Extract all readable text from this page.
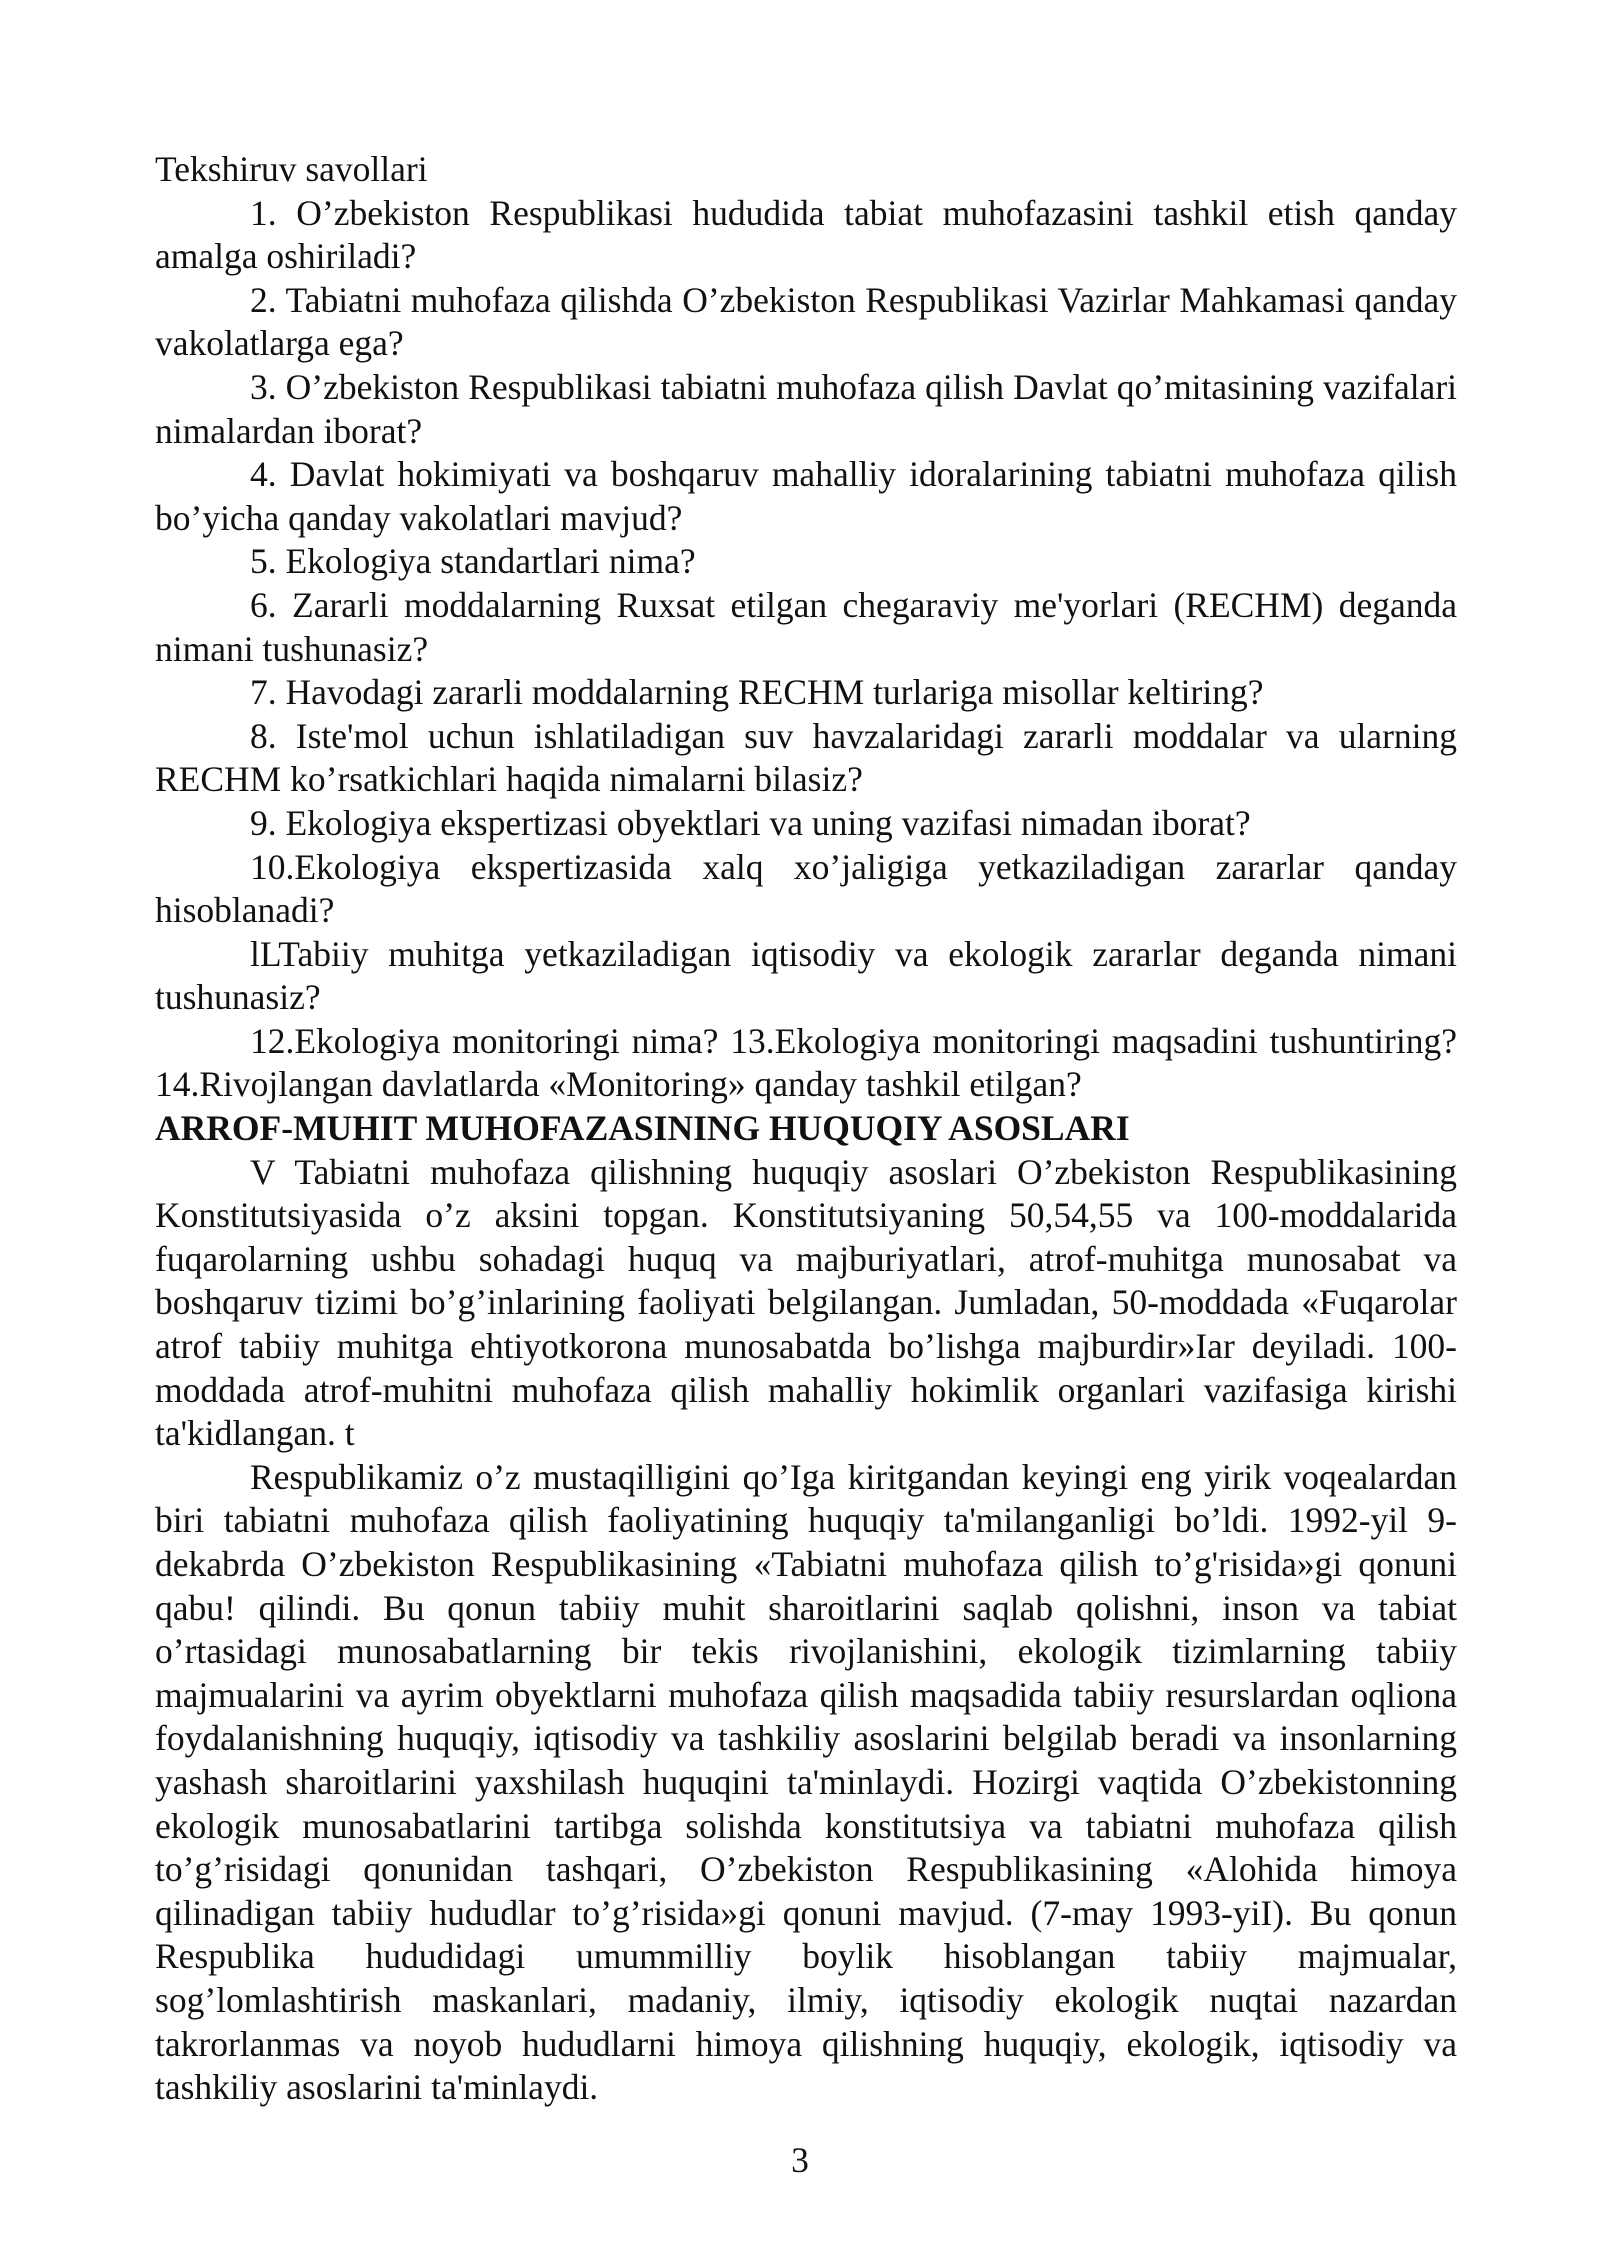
Tekshiruv savollari

1. O’zbekiston Respublikasi hududida tabiat muhofazasini tashkil etish qanday amalga oshiriladi?

2. Tabiatni muhofaza qilishda O’zbekiston Respublikasi Vazirlar Mahkamasi qanday vakolatlarga ega?

3. O’zbekiston Respublikasi tabiatni muhofaza qilish Davlat qo’mitasining vazifalari nimalardan iborat?

4. Davlat hokimiyati va boshqaruv mahalliy idoralarining tabiatni muhofaza qilish bo’yicha qanday vakolatlari mavjud?

5. Ekologiya standartlari nima?

6. Zararli moddalarning Ruxsat etilgan chegaraviy me'yorlari (RECHM) deganda nimani tushunasiz?

7. Havodagi zararli moddalarning RECHM turlariga misollar keltiring?

8. Iste'mol uchun ishlatiladigan suv havzalaridagi zararli moddalar va ularning RECHM ko’rsatkichlari haqida nimalarni bilasiz?

9. Ekologiya ekspertizasi obyektlari va uning vazifasi nimadan iborat?

10.Ekologiya ekspertizasida xalq xo’jaligiga yetkaziladigan zararlar qanday hisoblanadi?

lLTabiiy muhitga yetkaziladigan iqtisodiy va ekologik zararlar deganda nimani tushunasiz?

12.Ekologiya monitoringi nima? 13.Ekologiya monitoringi maqsadini tushuntiring? 14.Rivojlangan davlatlarda «Monitoring» qanday tashkil etilgan?

ARROF-MUHIT MUHOFAZASINING HUQUQIY ASOSLARI

V Tabiatni muhofaza qilishning huquqiy asoslari O’zbekiston Respublikasining Konstitutsiyasida o’z aksini topgan. Konstitutsiyaning 50,54,55 va 100-moddalarida fuqarolarning ushbu sohadagi huquq va majburiyatlari, atrof-muhitga munosabat va boshqaruv tizimi bo’g’inlarining faoliyati belgilangan. Jumladan, 50-moddada «Fuqarolar atrof tabiiy muhitga ehtiyotkorona munosabatda bo’lishga majburdir»Iar deyiladi. 100-moddada atrof-muhitni muhofaza qilish mahalliy hokimlik organlari vazifasiga kirishi ta'kidlangan. t

Respublikamiz o’z mustaqilligini qo’Iga kiritgandan keyingi eng yirik voqealardan biri tabiatni muhofaza qilish faoliyatining huquqiy ta'milanganligi bo’ldi. 1992-yil 9-dekabrda O’zbekiston Respublikasining «Tabiatni muhofaza qilish to’g'risida»gi qonuni qabu! qilindi. Bu qonun tabiiy muhit sharoitlarini saqlab qolishni, inson va tabiat o’rtasidagi munosabatlarning bir tekis rivojlanishini, ekologik tizimlarning tabiiy majmualarini va ayrim obyektlarni muhofaza qilish maqsadida tabiiy resurslardan oqliona foydalanishning huquqiy, iqtisodiy va tashkiliy asoslarini belgilab beradi va insonlarning yashash sharoitlarini yaxshilash huquqini ta'minlaydi. Hozirgi vaqtida O’zbekistonning ekologik munosabatlarini tartibga solishda konstitutsiya va tabiatni muhofaza qilish to’g’risidagi qonunidan tashqari, O’zbekiston Respublikasining «Alohida himoya qilinadigan tabiiy hududlar to’g’risida»gi qonuni mavjud. (7-may 1993-yiI). Bu qonun Respublika hududidagi umummilliy boylik hisoblangan tabiiy majmualar, sog’lomlashtirish maskanlari, madaniy, ilmiy, iqtisodiy ekologik nuqtai nazardan takrorlanmas va noyob hududlarni himoya qilishning huquqiy, ekologik, iqtisodiy va tashkiliy asoslarini ta'minlaydi.

3
